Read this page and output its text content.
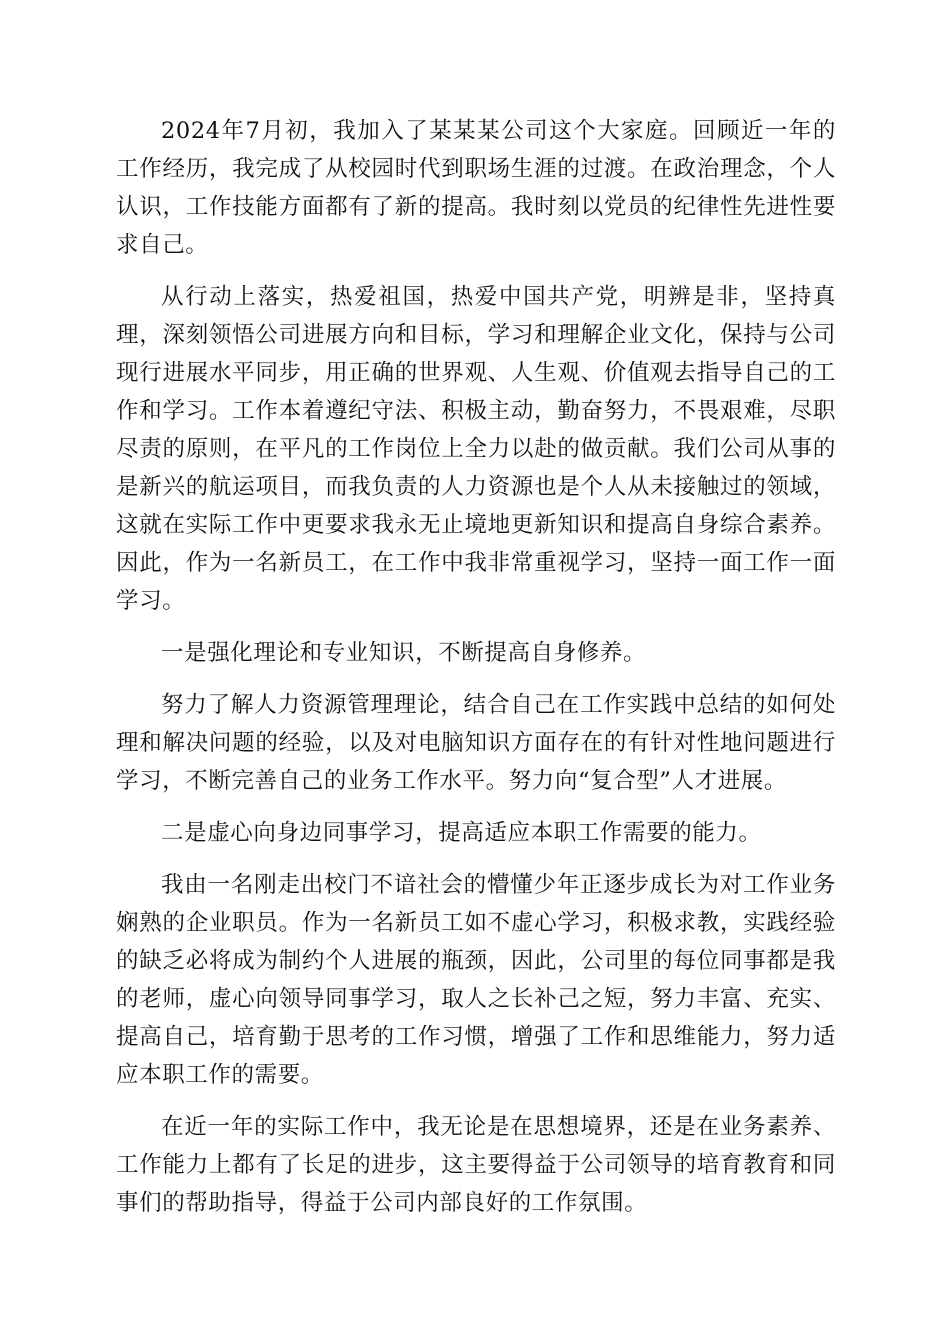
2024年7月初，我加入了某某某公司这个大家庭。回顾近一年的工作经历，我完成了从校园时代到职场生涯的过渡。在政治理念，个人认识，工作技能方面都有了新的提高。我时刻以党员的纪律性先进性要求自己。

从行动上落实，热爱祖国，热爱中国共产党，明辨是非，坚持真理，深刻领悟公司进展方向和目标，学习和理解企业文化，保持与公司现行进展水平同步，用正确的世界观、人生观、价值观去指导自己的工作和学习。工作本着遵纪守法、积极主动，勤奋努力，不畏艰难，尽职尽责的原则，在平凡的工作岗位上全力以赴的做贡献。我们公司从事的是新兴的航运项目，而我负责的人力资源也是个人从未接触过的领域，这就在实际工作中更要求我永无止境地更新知识和提高自身综合素养。因此，作为一名新员工，在工作中我非常重视学习，坚持一面工作一面学习。

一是强化理论和专业知识，不断提高自身修养。

努力了解人力资源管理理论，结合自己在工作实践中总结的如何处理和解决问题的经验，以及对电脑知识方面存在的有针对性地问题进行学习，不断完善自己的业务工作水平。努力向“复合型”人才进展。

二是虚心向身边同事学习，提高适应本职工作需要的能力。

我由一名刚走出校门不谙社会的懵懂少年正逐步成长为对工作业务娴熟的企业职员。作为一名新员工如不虚心学习，积极求教，实践经验的缺乏必将成为制约个人进展的瓶颈，因此，公司里的每位同事都是我的老师，虚心向领导同事学习，取人之长补己之短，努力丰富、充实、提高自己，培育勤于思考的工作习惯，增强了工作和思维能力，努力适应本职工作的需要。

在近一年的实际工作中，我无论是在思想境界，还是在业务素养、工作能力上都有了长足的进步，这主要得益于公司领导的培育教育和同事们的帮助指导，得益于公司内部良好的工作氛围。
